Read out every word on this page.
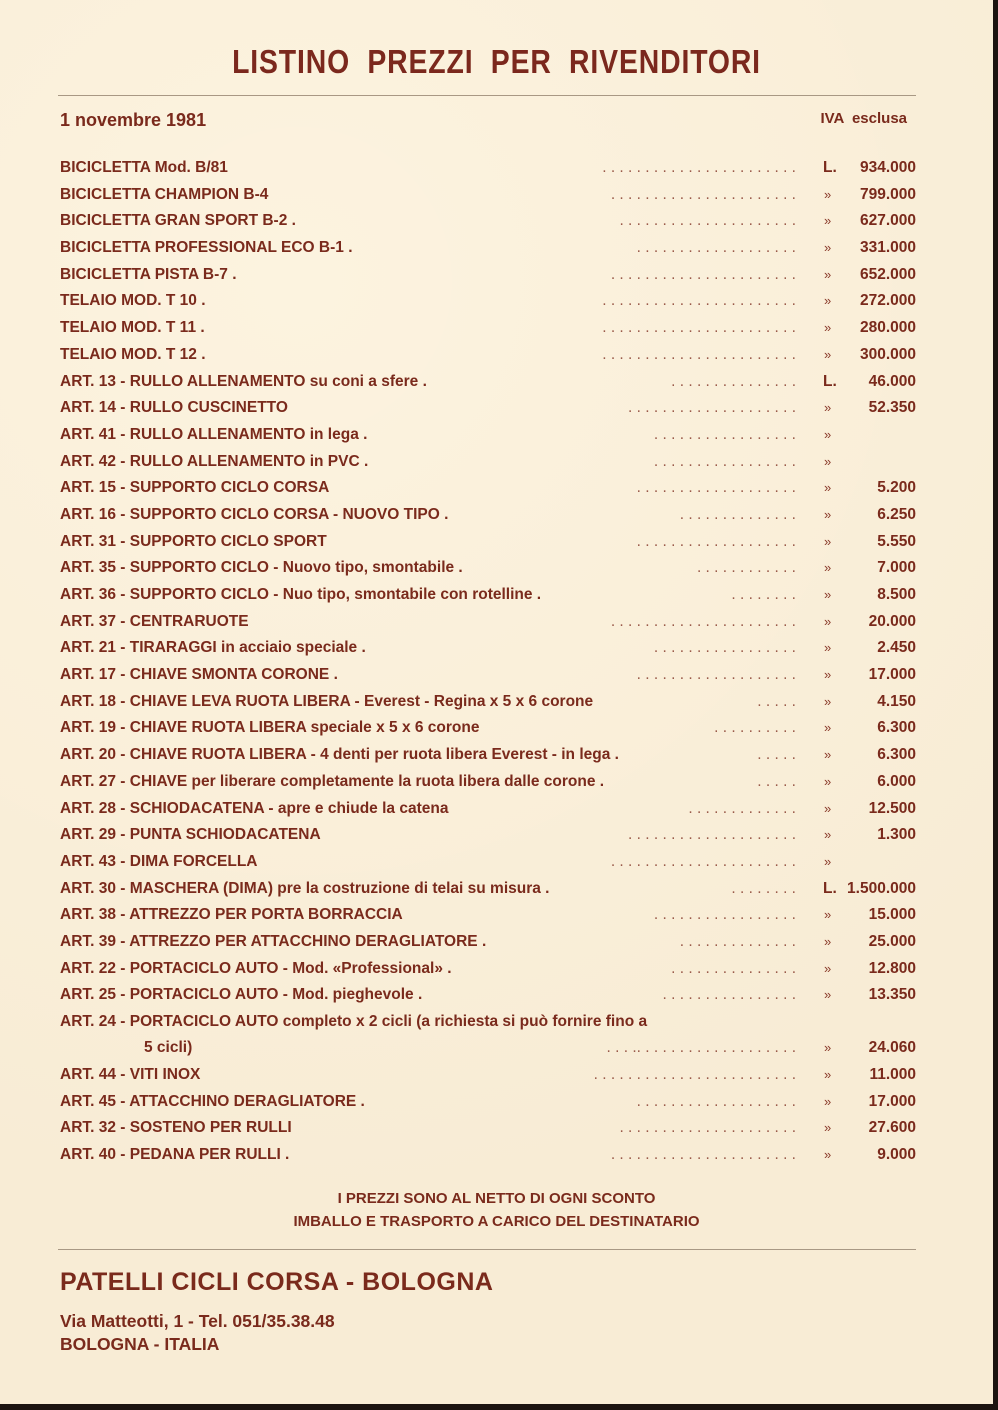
LISTINO PREZZI PER RIVENDITORI
1 novembre 1981	IVA esclusa
BICICLETTA Mod. B/81	. . . . . . . . . . . . . . . . . . . . . . . L.	934.000
BICICLETTA CHAMPION B-4	. . . . . . . . . . . . . . . . . . . . . . »	799.000
BICICLETTA GRAN SPORT B-2 .	. . . . . . . . . . . . . . . . . . . . . »	627.000
BICICLETTA PROFESSIONAL ECO B-1 .	. . . . . . . . . . . . . . . . . . . »	331.000
BICICLETTA PISTA B-7 .	. . . . . . . . . . . . . . . . . . . . . . »	652.000
TELAIO MOD. T 10 .	. . . . . . . . . . . . . . . . . . . . . . . »	272.000
TELAIO MOD. T 11 .	. . . . . . . . . . . . . . . . . . . . . . . »	280.000
TELAIO MOD. T 12 .	. . . . . . . . . . . . . . . . . . . . . . . »	300.000
ART. 13 - RULLO ALLENAMENTO su coni a sfere .	. . . . . . . . . . . . . . . L.	46.000
ART. 14 - RULLO CUSCINETTO	. . . . . . . . . . . . . . . . . . . . »	52.350
ART. 41 - RULLO ALLENAMENTO in lega .	. . . . . . . . . . . . . . . . . »
ART. 42 - RULLO ALLENAMENTO in PVC .	. . . . . . . . . . . . . . . . . »
ART. 15 - SUPPORTO CICLO CORSA	. . . . . . . . . . . . . . . . . . . »	5.200
ART. 16 - SUPPORTO CICLO CORSA - NUOVO TIPO .	. . . . . . . . . . . . . . »	6.250
ART. 31 - SUPPORTO CICLO SPORT	. . . . . . . . . . . . . . . . . . . »	5.550
ART. 35 - SUPPORTO CICLO - Nuovo tipo, smontabile .	. . . . . . . . . . . . »	7.000
ART. 36 - SUPPORTO CICLO - Nuo tipo, smontabile con rotelline .	. . . . . . . . »	8.500
ART. 37 - CENTRARUOTE	. . . . . . . . . . . . . . . . . . . . . . »	20.000
ART. 21 - TIRARAGGI in acciaio speciale .	. . . . . . . . . . . . . . . . . »	2.450
ART. 17 - CHIAVE SMONTA CORONE .	. . . . . . . . . . . . . . . . . . . »	17.000
ART. 18 - CHIAVE LEVA RUOTA LIBERA - Everest - Regina x 5 x 6 corone	. . . . . »	4.150
ART. 19 - CHIAVE RUOTA LIBERA speciale x 5 x 6 corone	. . . . . . . . . . »	6.300
ART. 20 - CHIAVE RUOTA LIBERA - 4 denti per ruota libera Everest - in lega .	. . . . . »	6.300
ART. 27 - CHIAVE per liberare completamente la ruota libera dalle corone .	. . . . . »	6.000
ART. 28 - SCHIODACATENA - apre e chiude la catena	. . . . . . . . . . . . . »	12.500
ART. 29 - PUNTA SCHIODACATENA	. . . . . . . . . . . . . . . . . . . . »	1.300
ART. 43 - DIMA FORCELLA	. . . . . . . . . . . . . . . . . . . . . . »
ART. 30 - MASCHERA (DIMA) pre la costruzione di telai su misura .	. . . . . . . . L. 1.500.000
ART. 38 - ATTREZZO PER PORTA BORRACCIA	. . . . . . . . . . . . . . . . . »	15.000
ART. 39 - ATTREZZO PER ATTACCHINO DERAGLIATORE .	. . . . . . . . . . . . . . »	25.000
ART. 22 - PORTACICLO AUTO - Mod. «Professional» .	. . . . . . . . . . . . . . . »	12.800
ART. 25 - PORTACICLO AUTO - Mod. pieghevole .	. . . . . . . . . . . . . . . . »	13.350
ART. 24 - PORTACICLO AUTO completo x 2 cicli (a richiesta si può fornire fino a
5 cicli)	. . . .. . . . . . . . . . . . . . . . . . . »	24.060
ART. 44 - VITI INOX	. . . . . . . . . . . . . . . . . . . . . . . . »	11.000
ART. 45 - ATTACCHINO DERAGLIATORE .	. . . . . . . . . . . . . . . . . . . »	17.000
ART. 32 - SOSTENO PER RULLI	. . . . . . . . . . . . . . . . . . . . . »	27.600
ART. 40 - PEDANA PER RULLI .	. . . . . . . . . . . . . . . . . . . . . . »	9.000
I PREZZI SONO AL NETTO DI OGNI SCONTO
IMBALLO E TRASPORTO A CARICO DEL DESTINATARIO
PATELLI CICLI CORSA - BOLOGNA
Via Matteotti, 1 - Tel. 051/35.38.48
BOLOGNA - ITALIA
